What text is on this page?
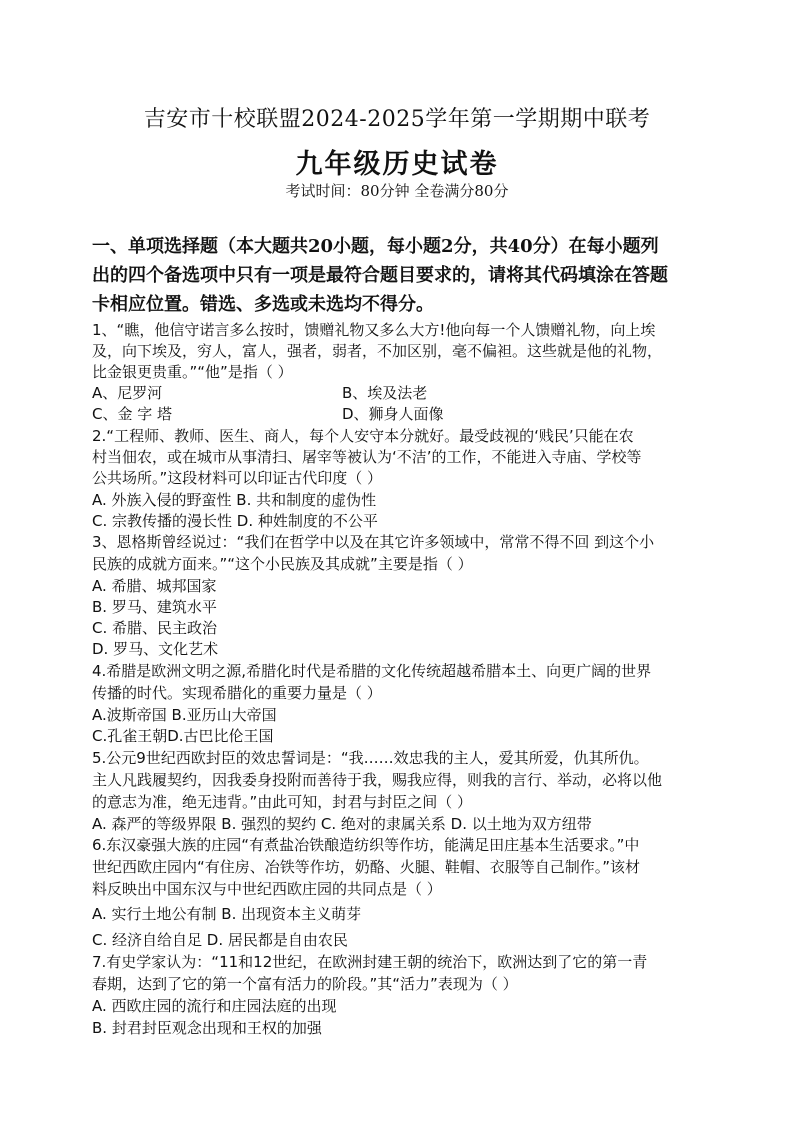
吉安市十校联盟2024-2025学年第一学期期中联考
九年级历史试卷
考试时间：80分钟 全卷满分80分
一、单项选择题（本大题共20小题，每小题2分，共40分）在每小题列
出的四个备选项中只有一项是最符合题目要求的，请将其代码填涂在答题
卡相应位置。错选、多选或未选均不得分。
1、“瞧，他信守诺言多么按时，馈赠礼物又多么大方!他向每一个人馈赠礼物，向上埃
及，向下埃及，穷人，富人，强者，弱者，不加区别，毫不偏袒。这些就是他的礼物，
比金银更贵重。”“他”是指（ ）
A、尼罗河	B、埃及法老
C、金 字 塔	D、狮身人面像
2.“工程师、教师、医生、商人，每个人安守本分就好。最受歧视的‘贱民’只能在农
村当佃农，或在城市从事清扫、屠宰等被认为‘不洁’的工作，不能进入寺庙、学校等
公共场所。”这段材料可以印证古代印度（ ）
A. 外族入侵的野蛮性 B. 共和制度的虚伪性
C. 宗教传播的漫长性 D. 种姓制度的不公平
3、恩格斯曾经说过：“我们在哲学中以及在其它许多领域中，常常不得不回 到这个小
民族的成就方面来。”“这个小民族及其成就”主要是指（ ）
A. 希腊、城邦国家
B. 罗马、建筑水平
C. 希腊、民主政治
D. 罗马、文化艺术
4.希腊是欧洲文明之源,希腊化时代是希腊的文化传统超越希腊本土、向更广阔的世界
传播的时代。实现希腊化的重要力量是（ ）
A.波斯帝国 B.亚历山大帝国
C.孔雀王朝D.古巴比伦王国
5.公元9世纪西欧封臣的效忠誓词是：“我……效忠我的主人，爱其所爱，仇其所仇。
主人凡践履契约，因我委身投附而善待于我，赐我应得，则我的言行、举动，必将以他
的意志为准，绝无违背。”由此可知，封君与封臣之间（ ）
A. 森严的等级界限 B. 强烈的契约 C. 绝对的隶属关系 D. 以土地为双方纽带
6.东汉豪强大族的庄园“有煮盐冶铁酿造纺织等作坊，能满足田庄基本生活要求。”中
世纪西欧庄园内“有住房、冶铁等作坊，奶酪、火腿、鞋帽、衣服等自己制作。”该材
料反映出中国东汉与中世纪西欧庄园的共同点是（ ）
A. 实行土地公有制 B. 出现资本主义萌芽
C. 经济自给自足 D. 居民都是自由农民
7.有史学家认为：“11和12世纪，在欧洲封建王朝的统治下，欧洲达到了它的第一青
春期，达到了它的第一个富有活力的阶段。”其“活力”表现为（ ）
A. 西欧庄园的流行和庄园法庭的出现
B. 封君封臣观念出现和王权的加强
